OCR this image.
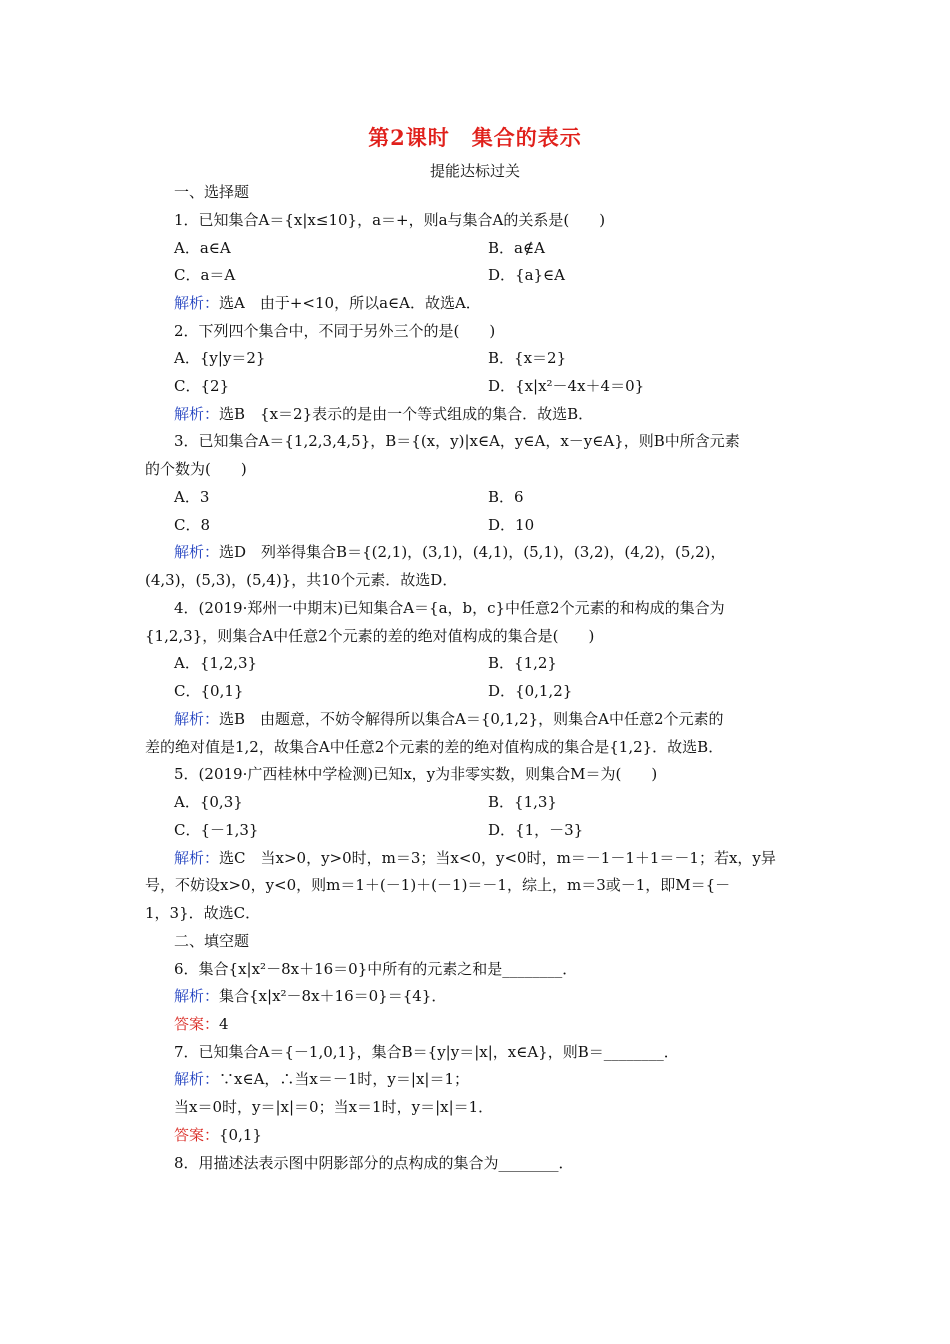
第2课时　集合的表示
提能达标过关
一、选择题
1．已知集合A＝{x|x≤10}，a＝+，则a与集合A的关系是(　　)
A．a∈A	B．a∉A
C．a＝A	D．{a}∈A
解析：选A　由于+<10，所以a∈A．故选A．
2．下列四个集合中，不同于另外三个的是(　　)
A．{y|y＝2}	B．{x＝2}
C．{2}	D．{x|x²－4x＋4＝0}
解析：选B　{x＝2}表示的是由一个等式组成的集合．故选B．
3．已知集合A＝{1,2,3,4,5}，B＝{(x，y)|x∈A，y∈A，x－y∈A}，则B中所含元素
的个数为(　　)
A．3	B．6
C．8	D．10
解析：选D　列举得集合B＝{(2,1)，(3,1)，(4,1)，(5,1)，(3,2)，(4,2)，(5,2)，
(4,3)，(5,3)，(5,4)}，共10个元素．故选D．
4．(2019·郑州一中期末)已知集合A＝{a，b，c}中任意2个元素的和构成的集合为
{1,2,3}，则集合A中任意2个元素的差的绝对值构成的集合是(　　)
A．{1,2,3}	B．{1,2}
C．{0,1}	D．{0,1,2}
解析：选B　由题意，不妨令解得所以集合A＝{0,1,2}，则集合A中任意2个元素的
差的绝对值是1,2，故集合A中任意2个元素的差的绝对值构成的集合是{1,2}．故选B．
5．(2019·广西桂林中学检测)已知x，y为非零实数，则集合M＝为(　　)
A．{0,3}	B．{1,3}
C．{－1,3}	D．{1，－3}
解析：选C　当x>0，y>0时，m＝3；当x<0，y<0时，m＝－1－1＋1＝－1；若x，y异
号，不妨设x>0，y<0，则m＝1＋(－1)＋(－1)＝－1，综上，m＝3或－1，即M＝{－
1，3}．故选C．
二、填空题
6．集合{x|x²－8x＋16＝0}中所有的元素之和是________．
解析：集合{x|x²－8x＋16＝0}＝{4}．
答案：4
7．已知集合A＝{－1,0,1}，集合B＝{y|y＝|x|，x∈A}，则B＝________．
解析：∵x∈A，∴当x＝－1时，y＝|x|＝1；
当x＝0时，y＝|x|＝0；当x＝1时，y＝|x|＝1．
答案：{0,1}
8．用描述法表示图中阴影部分的点构成的集合为________．
